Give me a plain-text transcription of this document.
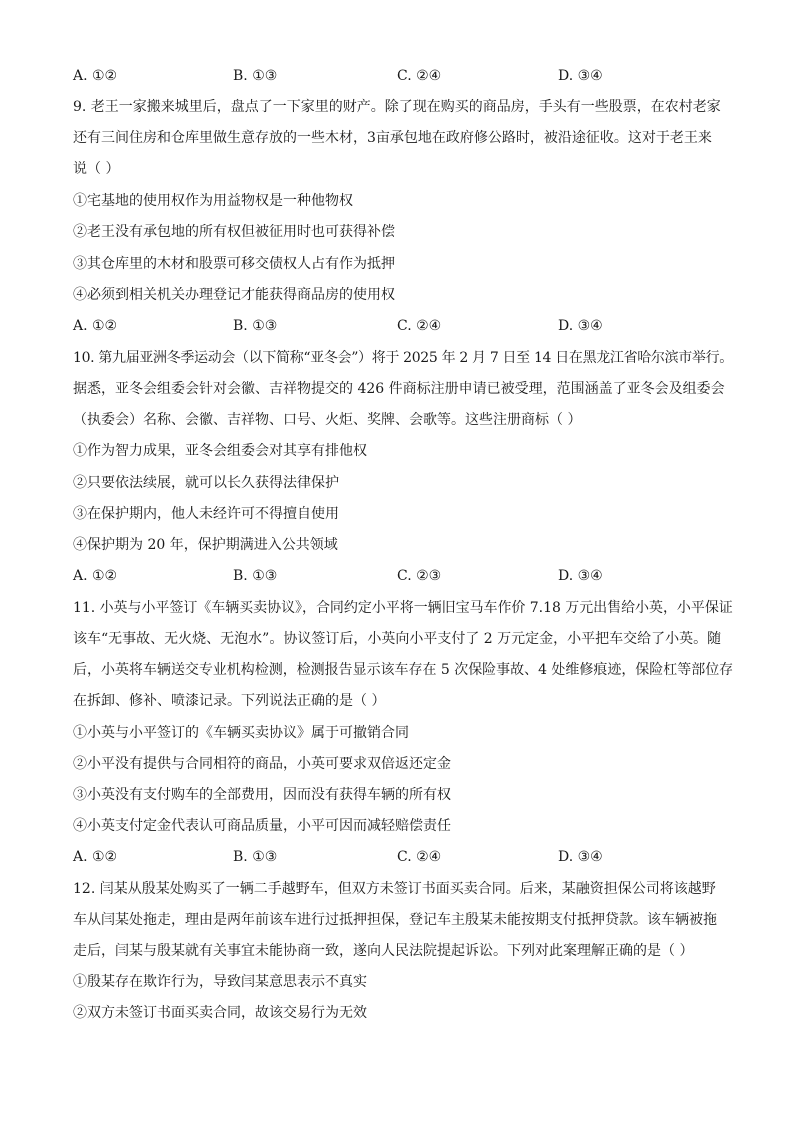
A. ①②	B. ①③	C. ②④	D. ③④
9. 老王一家搬来城里后，盘点了一下家里的财产。除了现在购买的商品房，手头有一些股票，在农村老家
还有三间住房和仓库里做生意存放的一些木材，3亩承包地在政府修公路时，被沿途征收。这对于老王来
说（ ）
①宅基地的使用权作为用益物权是一种他物权
②老王没有承包地的所有权但被征用时也可获得补偿
③其仓库里的木材和股票可移交债权人占有作为抵押
④必须到相关机关办理登记才能获得商品房的使用权
A. ①②	B. ①③	C. ②④	D. ③④
10. 第九届亚洲冬季运动会（以下简称“亚冬会”）将于 2025 年 2 月 7 日至 14 日在黑龙江省哈尔滨市举行。
据悉，亚冬会组委会针对会徽、吉祥物提交的 426 件商标注册申请已被受理，范围涵盖了亚冬会及组委会
（执委会）名称、会徽、吉祥物、口号、火炬、奖牌、会歌等。这些注册商标（ ）
①作为智力成果，亚冬会组委会对其享有排他权
②只要依法续展，就可以长久获得法律保护
③在保护期内，他人未经许可不得擅自使用
④保护期为 20 年，保护期满进入公共领域
A. ①②	B. ①③	C. ②③	D. ③④
11. 小英与小平签订《车辆买卖协议》，合同约定小平将一辆旧宝马车作价 7.18 万元出售给小英，小平保证
该车“无事故、无火烧、无泡水”。协议签订后，小英向小平支付了 2 万元定金，小平把车交给了小英。随
后，小英将车辆送交专业机构检测，检测报告显示该车存在 5 次保险事故、4 处维修痕迹，保险杠等部位存
在拆卸、修补、喷漆记录。下列说法正确的是（ ）
①小英与小平签订的《车辆买卖协议》属于可撤销合同
②小平没有提供与合同相符的商品，小英可要求双倍返还定金
③小英没有支付购车的全部费用，因而没有获得车辆的所有权
④小英支付定金代表认可商品质量，小平可因而减轻赔偿责任
A. ①②	B. ①③	C. ②④	D. ③④
12. 闫某从殷某处购买了一辆二手越野车，但双方未签订书面买卖合同。后来，某融资担保公司将该越野
车从闫某处拖走，理由是两年前该车进行过抵押担保，登记车主殷某未能按期支付抵押贷款。该车辆被拖
走后，闫某与殷某就有关事宜未能协商一致，遂向人民法院提起诉讼。下列对此案理解正确的是（ ）
①殷某存在欺诈行为，导致闫某意思表示不真实
②双方未签订书面买卖合同，故该交易行为无效
